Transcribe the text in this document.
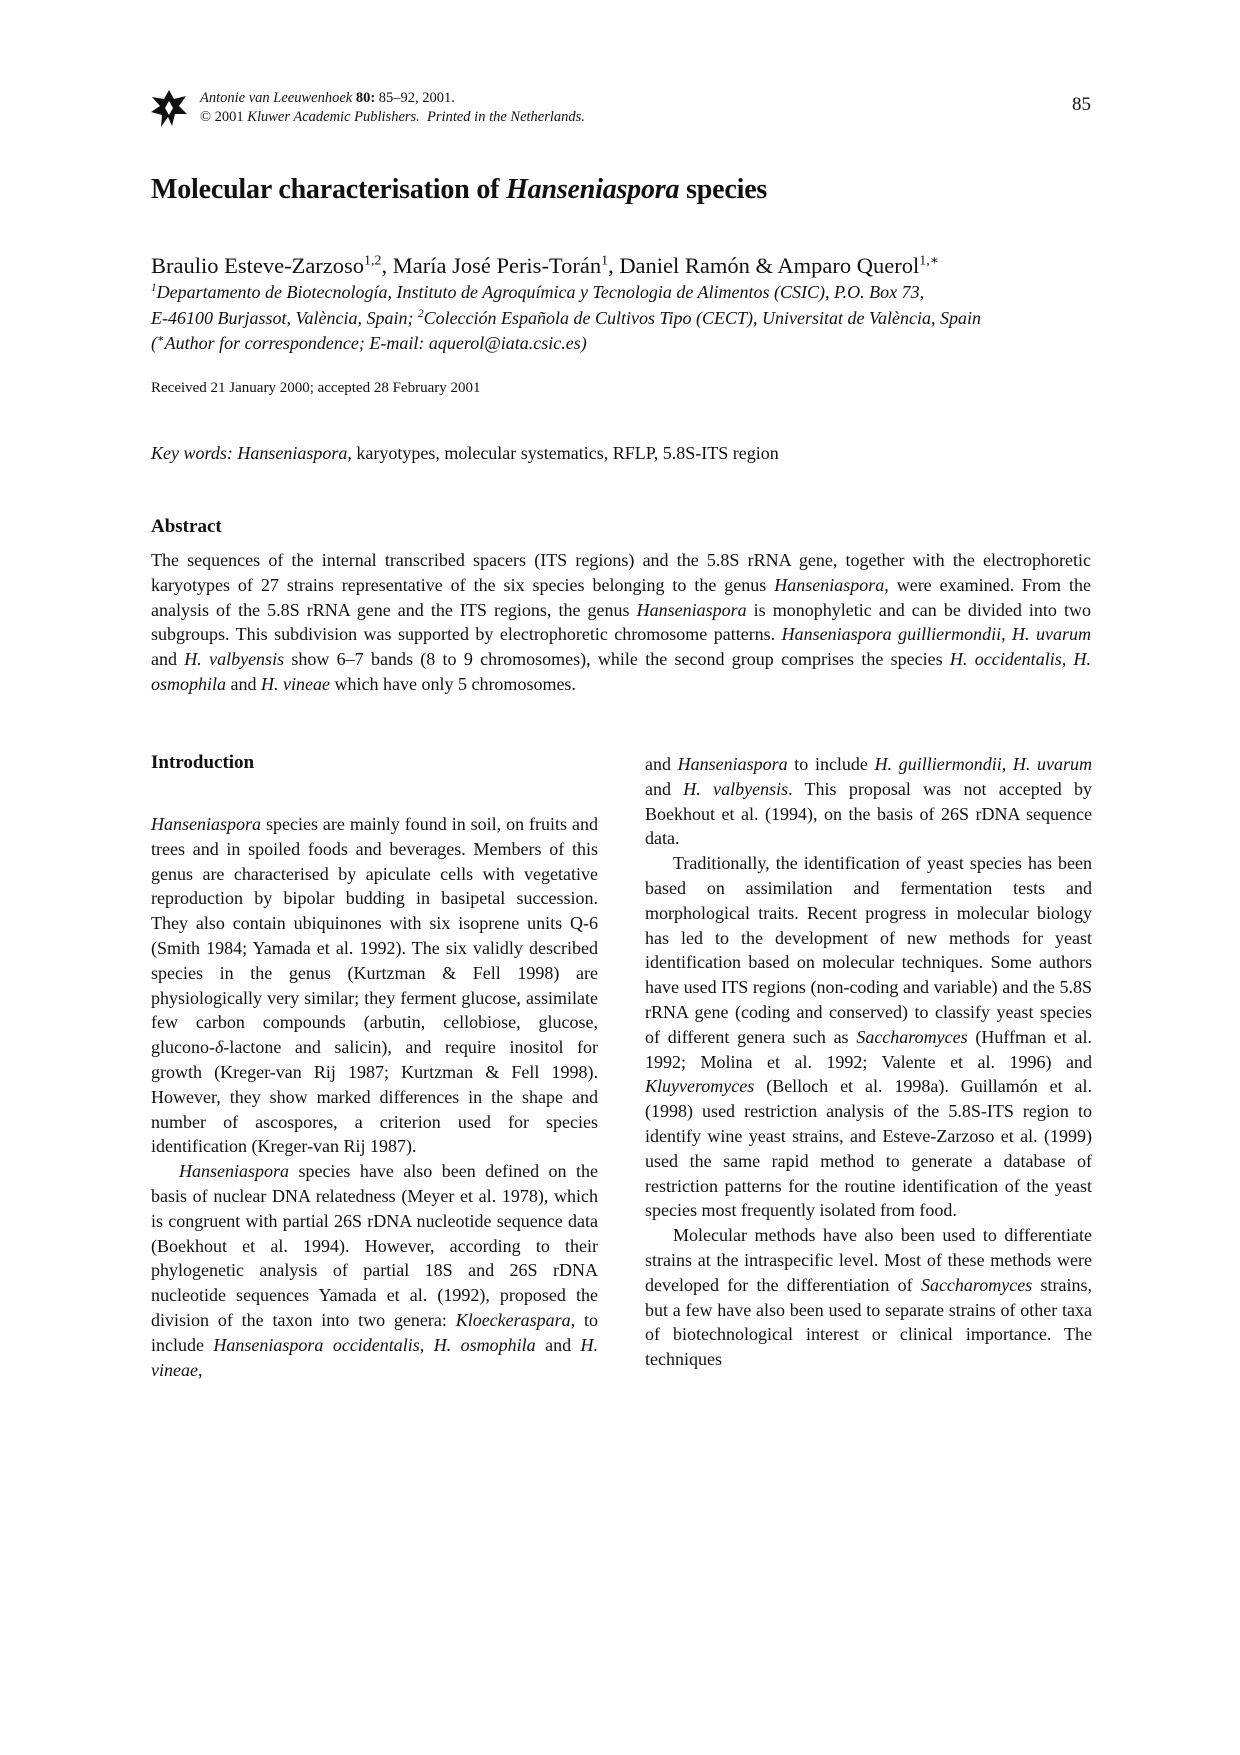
Antonie van Leeuwenhoek 80: 85–92, 2001.
© 2001 Kluwer Academic Publishers. Printed in the Netherlands.
85
Molecular characterisation of Hanseniaspora species
Braulio Esteve-Zarzoso$^{1,2}$, María José Peris-Torán$^1$, Daniel Ramón & Amparo Querol$^{1,∗}$
$^1$Departamento de Biotecnología, Instituto de Agroquímica y Tecnologia de Alimentos (CSIC), P.O. Box 73,
E-46100 Burjassot, València, Spain; $^2$Colección Española de Cultivos Tipo (CECT), Universitat de València, Spain
(∗Author for correspondence; E-mail: aquerol@iata.csic.es)
Received 21 January 2000; accepted 28 February 2001
Key words: Hanseniaspora, karyotypes, molecular systematics, RFLP, 5.8S-ITS region
Abstract
The sequences of the internal transcribed spacers (ITS regions) and the 5.8S rRNA gene, together with the electrophoretic karyotypes of 27 strains representative of the six species belonging to the genus Hanseniaspora, were examined. From the analysis of the 5.8S rRNA gene and the ITS regions, the genus Hanseniaspora is monophyletic and can be divided into two subgroups. This subdivision was supported by electrophoretic chromosome patterns. Hanseniaspora guilliermondii, H. uvarum and H. valbyensis show 6–7 bands (8 to 9 chromosomes), while the second group comprises the species H. occidentalis, H. osmophila and H. vineae which have only 5 chromosomes.
Introduction

Hanseniaspora species are mainly found in soil, on fruits and trees and in spoiled foods and beverages. Members of this genus are characterised by apiculate cells with vegetative reproduction by bipolar budding in basipetal succession. They also contain ubiquinones with six isoprene units Q-6 (Smith 1984; Yamada et al. 1992). The six validly described species in the genus (Kurtzman & Fell 1998) are physiologically very similar; they ferment glucose, assimilate few carbon compounds (arbutin, cellobiose, glucose, glucono-δ-lactone and salicin), and require inositol for growth (Kreger-van Rij 1987; Kurtzman & Fell 1998). However, they show marked differences in the shape and number of ascospores, a criterion used for species identification (Kreger-van Rij 1987).

Hanseniaspora species have also been defined on the basis of nuclear DNA relatedness (Meyer et al. 1978), which is congruent with partial 26S rDNA nucleotide sequence data (Boekhout et al. 1994). However, according to their phylogenetic analysis of partial 18S and 26S rDNA nucleotide sequences Yamada et al. (1992), proposed the division of the taxon into two genera: Kloeckeraspara, to include Hanseniaspora occidentalis, H. osmophila and H. vineae,

and Hanseniaspora to include H. guilliermondii, H. uvarum and H. valbyensis. This proposal was not accepted by Boekhout et al. (1994), on the basis of 26S rDNA sequence data.

Traditionally, the identification of yeast species has been based on assimilation and fermentation tests and morphological traits. Recent progress in molecular biology has led to the development of new methods for yeast identification based on molecular techniques. Some authors have used ITS regions (non-coding and variable) and the 5.8S rRNA gene (coding and conserved) to classify yeast species of different genera such as Saccharomyces (Huffman et al. 1992; Molina et al. 1992; Valente et al. 1996) and Kluyveromyces (Belloch et al. 1998a). Guillamón et al. (1998) used restriction analysis of the 5.8S-ITS region to identify wine yeast strains, and Esteve-Zarzoso et al. (1999) used the same rapid method to generate a database of restriction patterns for the routine identification of the yeast species most frequently isolated from food.

Molecular methods have also been used to differentiate strains at the intraspecific level. Most of these methods were developed for the differentiation of Saccharomyces strains, but a few have also been used to separate strains of other taxa of biotechnological interest or clinical importance. The techniques
